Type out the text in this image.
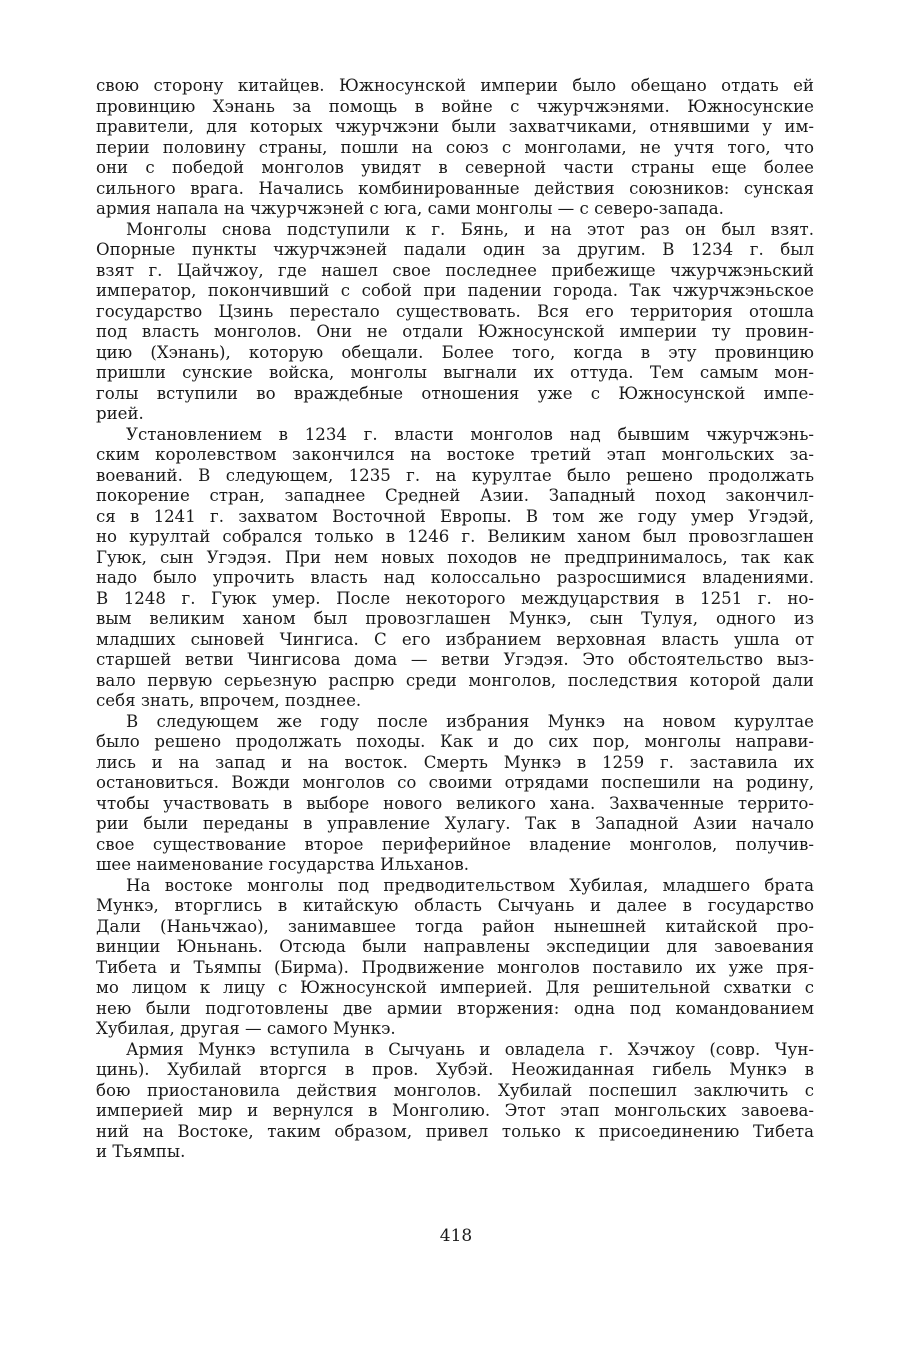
свою сторону китайцев. Южносунской империи было обещано отдать ей
провинцию Хэнань за помощь в войне с чжурчжэнями. Южносунские
правители, для которых чжурчжэни были захватчиками, отнявшими у им-
перии половину страны, пошли на союз с монголами, не учтя того, что
они с победой монголов увидят в северной части страны еще более
сильного врага. Начались комбинированные действия союзников: сунская
армия напала на чжурчжэней с юга, сами монголы — с северо-запада.
Монголы снова подступили к г. Бянь, и на этот раз он был взят.
Опорные пункты чжурчжэней падали один за другим. В 1234 г. был
взят г. Цайчжоу, где нашел свое последнее прибежище чжурчжэньский
император, покончивший с собой при падении города. Так чжурчжэньское
государство Цзинь перестало существовать. Вся его территория отошла
под власть монголов. Они не отдали Южносунской империи ту провин-
цию (Хэнань), которую обещали. Более того, когда в эту провинцию
пришли сунские войска, монголы выгнали их оттуда. Тем самым мон-
голы вступили во враждебные отношения уже с Южносунской импе-
рией.
Установлением в 1234 г. власти монголов над бывшим чжурчжэнь-
ским королевством закончился на востоке третий этап монгольских за-
воеваний. В следующем, 1235 г. на курултае было решено продолжать
покорение стран, западнее Средней Азии. Западный поход закончил-
ся в 1241 г. захватом Восточной Европы. В том же году умер Угэдэй,
но курултай собрался только в 1246 г. Великим ханом был провозглашен
Гуюк, сын Угэдэя. При нем новых походов не предпринималось, так как
надо было упрочить власть над колоссально разросшимися владениями.
В 1248 г. Гуюк умер. После некоторого междуцарствия в 1251 г. но-
вым великим ханом был провозглашен Мункэ, сын Тулуя, одного из
младших сыновей Чингиса. С его избранием верховная власть ушла от
старшей ветви Чингисова дома — ветви Угэдэя. Это обстоятельство выз-
вало первую серьезную распрю среди монголов, последствия которой дали
себя знать, впрочем, позднее.
В следующем же году после избрания Мункэ на новом курултае
было решено продолжать походы. Как и до сих пор, монголы направи-
лись и на запад и на восток. Смерть Мункэ в 1259 г. заставила их
остановиться. Вожди монголов со своими отрядами поспешили на родину,
чтобы участвовать в выборе нового великого хана. Захваченные террито-
рии были переданы в управление Хулагу. Так в Западной Азии начало
свое существование второе периферийное владение монголов, получив-
шее наименование государства Ильханов.
На востоке монголы под предводительством Хубилая, младшего брата
Мункэ, вторглись в китайскую область Сычуань и далее в государство
Дали (Наньчжао), занимавшее тогда район нынешней китайской про-
винции Юньнань. Отсюда были направлены экспедиции для завоевания
Тибета и Тьямпы (Бирма). Продвижение монголов поставило их уже пря-
мо лицом к лицу с Южносунской империей. Для решительной схватки с
нею были подготовлены две армии вторжения: одна под командованием
Хубилая, другая — самого Мункэ.
Армия Мункэ вступила в Сычуань и овладела г. Хэчжоу (совр. Чун-
цинь). Хубилай вторгся в пров. Хубэй. Неожиданная гибель Мункэ в
бою приостановила действия монголов. Хубилай поспешил заключить с
империей мир и вернулся в Монголию. Этот этап монгольских завоева-
ний на Востоке, таким образом, привел только к присоединению Тибета
и Тьямпы.
418
